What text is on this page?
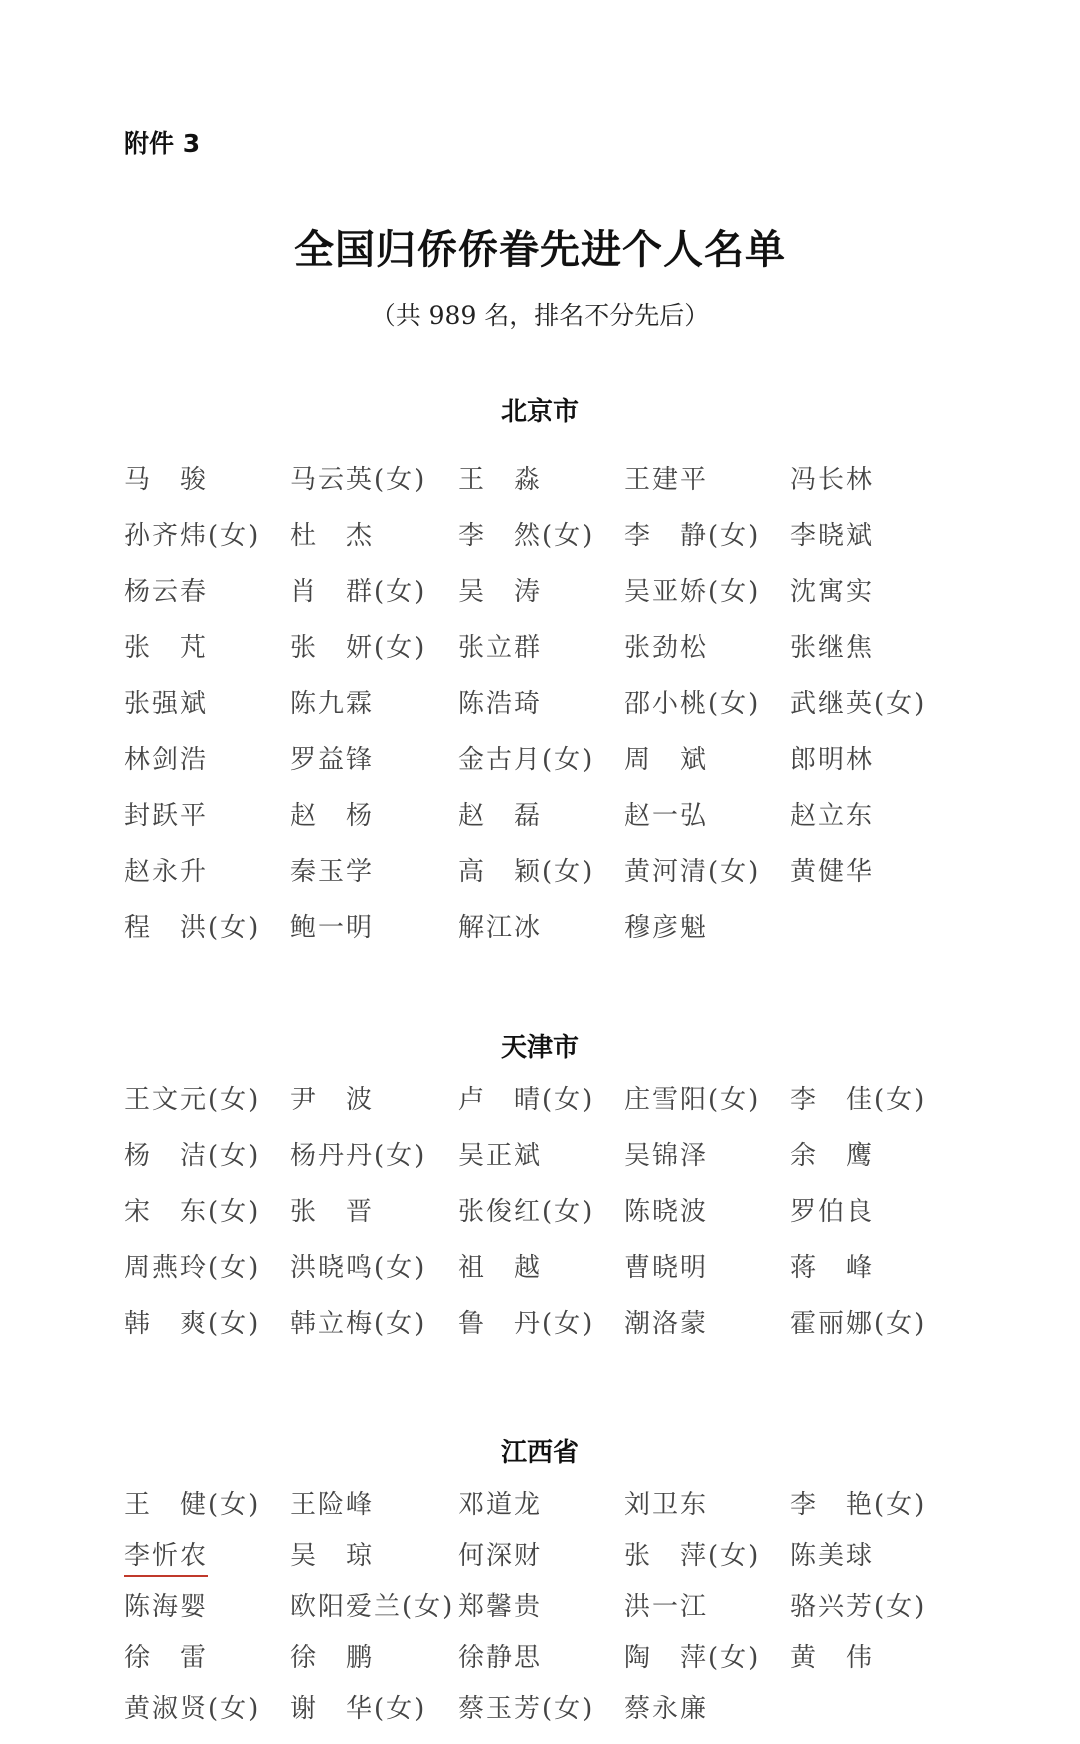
附件 3
全国归侨侨眷先进个人名单
（共 989 名，排名不分先后）
北京市
马　骏	马云英(女) 王　淼	王建平	冯长林
孙齐炜(女) 杜　杰	李　然(女) 李　静(女) 李晓斌
杨云春	肖　群(女) 吴　涛	吴亚娇(女) 沈寓实
张　芃	张　妍(女) 张立群	张劲松	张继焦
张强斌	陈九霖	陈浩琦	邵小桃(女) 武继英(女)
林剑浩	罗益锋	金古月(女) 周　斌	郎明林
封跃平	赵　杨	赵　磊	赵一弘	赵立东
赵永升	秦玉学	高　颖(女) 黄河清(女) 黄健华
程　洪(女) 鲍一明	解江冰	穆彦魁
天津市
王文元(女) 尹　波	卢　晴(女) 庄雪阳(女) 李　佳(女)
杨　洁(女) 杨丹丹(女) 吴正斌	吴锦泽	余　鹰
宋　东(女) 张　晋	张俊红(女) 陈晓波	罗伯良
周燕玲(女) 洪晓鸣(女) 祖　越	曹晓明	蒋　峰
韩　爽(女) 韩立梅(女) 鲁　丹(女) 潮洛蒙	霍丽娜(女)
江西省
王　健(女) 王险峰	邓道龙	刘卫东	李　艳(女)
李忻农	吴　琼	何深财	张　萍(女) 陈美球
陈海婴	欧阳爱兰(女) 郑馨贵	洪一江	骆兴芳(女)
徐　雷	徐　鹏	徐静思	陶　萍(女) 黄　伟
黄淑贤(女) 谢　华(女) 蔡玉芳(女) 蔡永廉
